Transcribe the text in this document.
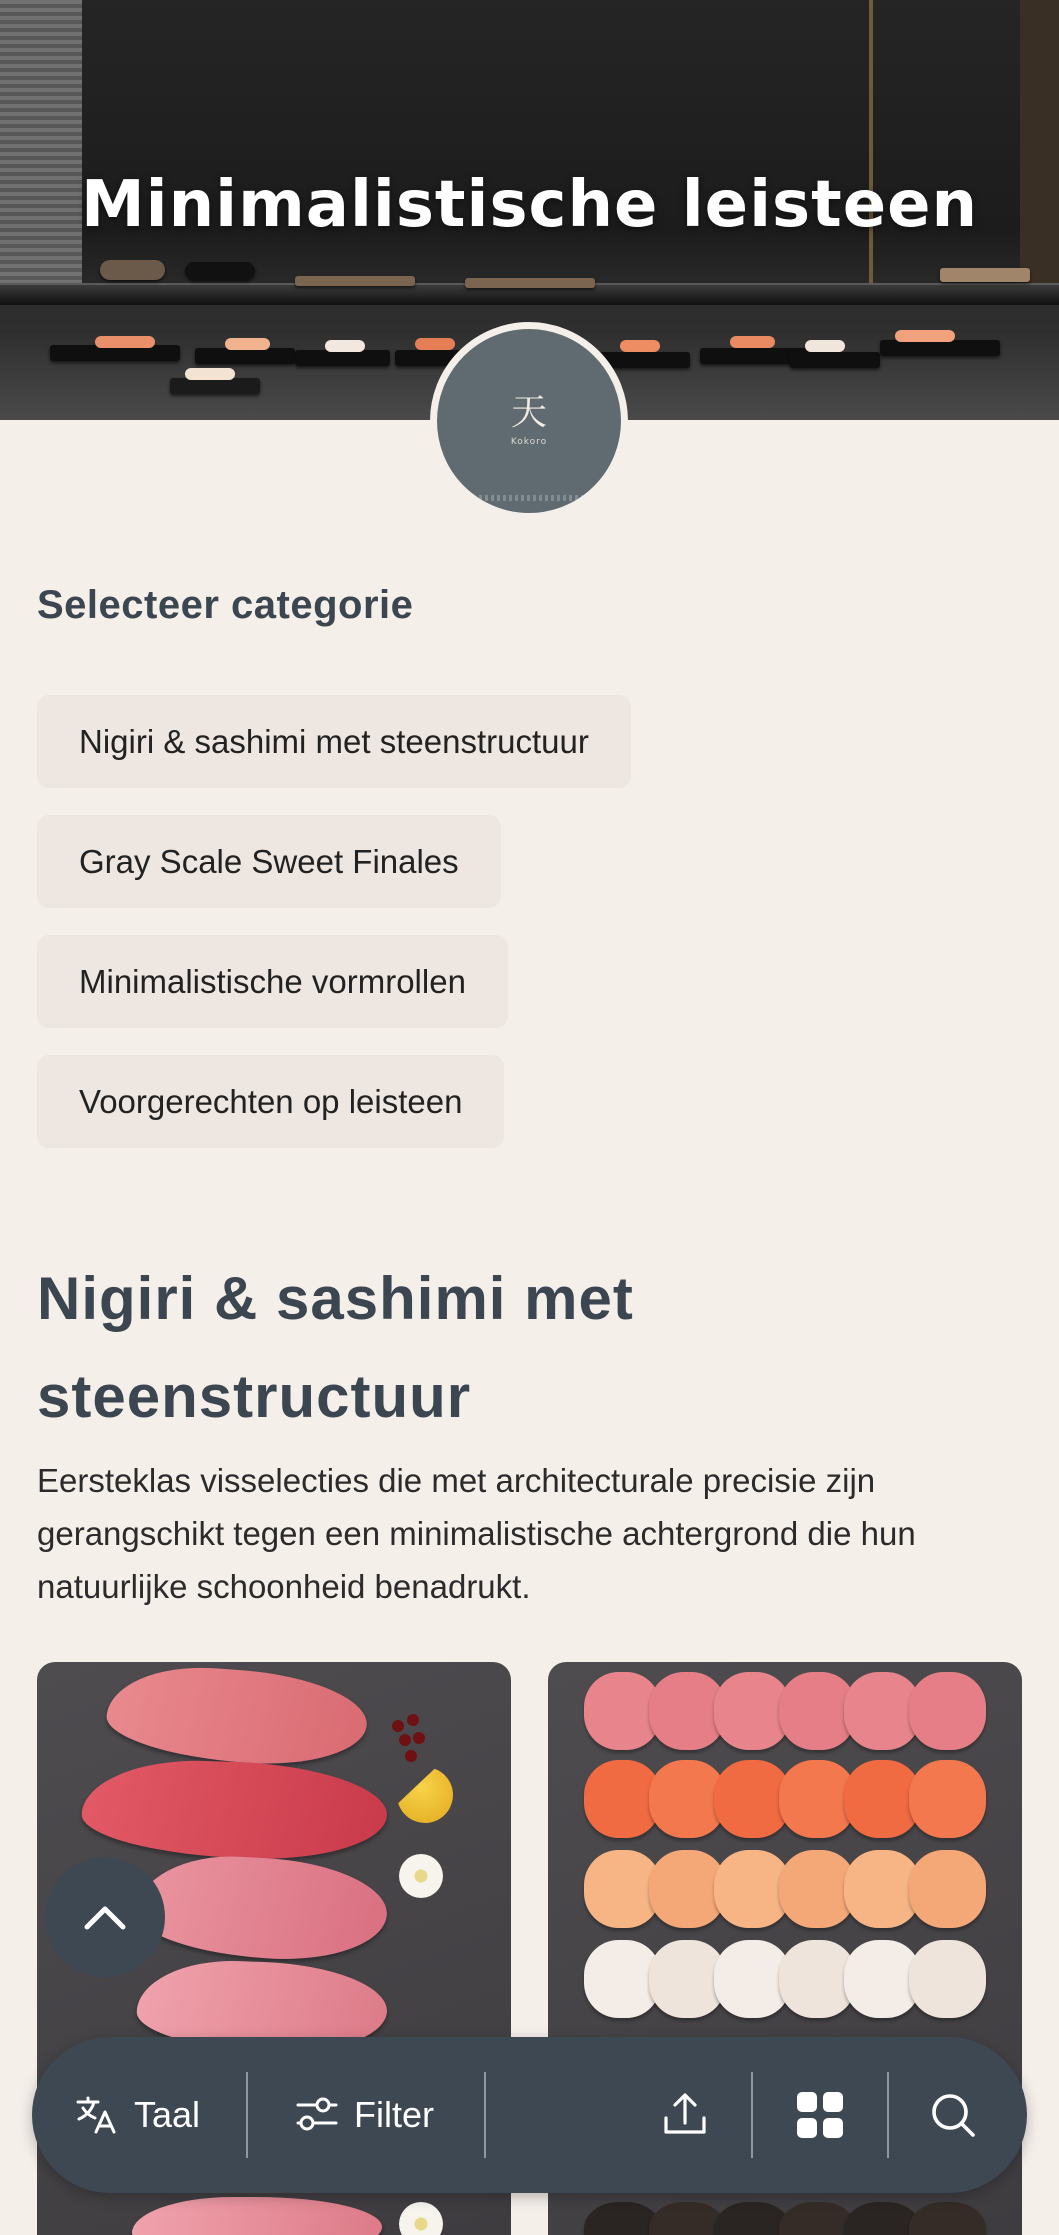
Minimalistische leisteen
天
Kokoro
Selecteer categorie
Nigiri & sashimi met steenstructuur
Gray Scale Sweet Finales
Minimalistische vormrollen
Voorgerechten op leisteen
Nigiri & sashimi met steenstructuur

Eersteklas visselecties die met architecturale precisie zijn gerangschikt tegen een minimalistische achtergrond die hun natuurlijke schoonheid benadrukt.

Taal	Filter
